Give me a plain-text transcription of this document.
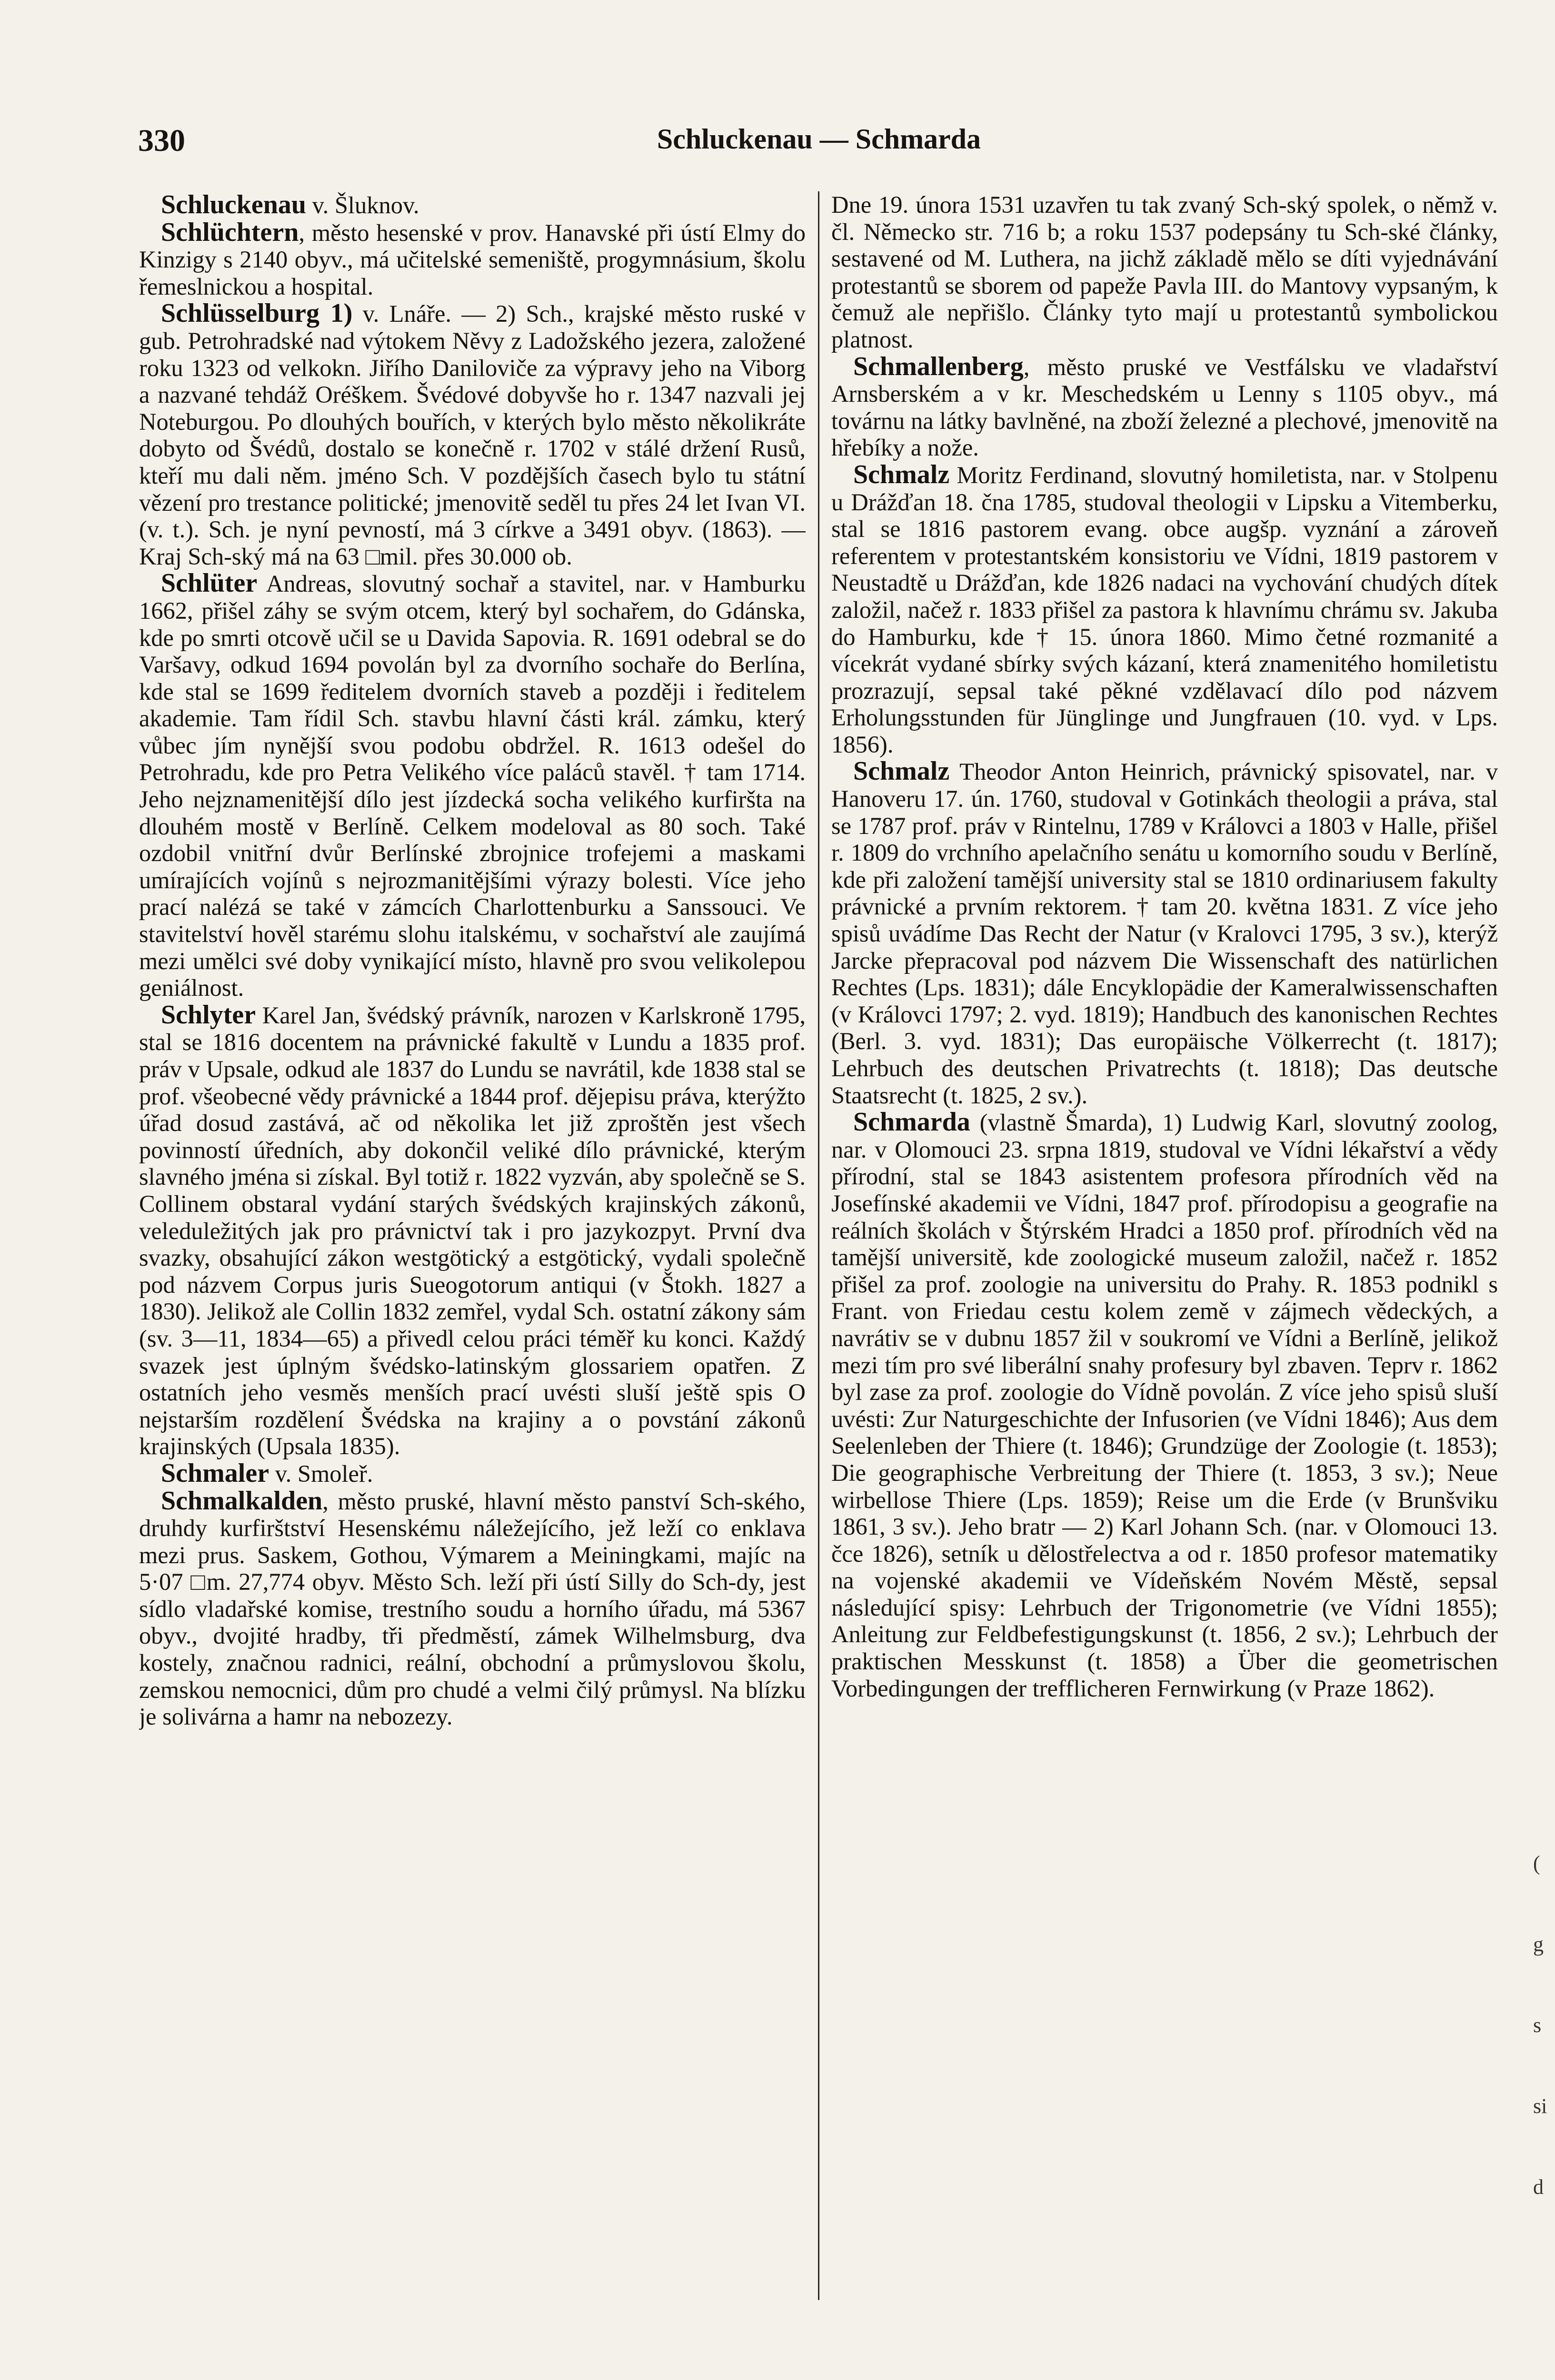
330	Schluckenau — Schmarda

Schluckenau v. Šluknov.

Schlüchtern, město hesenské v prov. Hanavské při ústí Elmy do Kinzigy s 2140 obyv., má učitelské semeniště, progymnásium, školu řemeslnickou a hospital.

Schlüsselburg 1) v. Lnáře. — 2) Sch., krajské město ruské v gub. Petrohradské nad výtokem Něvy z Ladožského jezera, založené roku 1323 od velkokn. Jiřího Daniloviče za výpravy jeho na Viborg a nazvané tehdáž Oréškem. Švédové dobyvše ho r. 1347 nazvali jej Noteburgou. Po dlouhých bouřích, v kterých bylo město několikráte dobyto od Švédů, dostalo se konečně r. 1702 v stálé držení Rusů, kteří mu dali něm. jméno Sch. V pozdějších časech bylo tu státní vězení pro trestance politické; jmenovitě seděl tu přes 24 let Ivan VI. (v. t.). Sch. je nyní pevností, má 3 církve a 3491 obyv. (1863). — Kraj Sch-ský má na 63 □mil. přes 30.000 ob.

Schlüter Andreas, slovutný sochař a stavitel, nar. v Hamburku 1662, přišel záhy se svým otcem, který byl sochařem, do Gdánska, kde po smrti otcově učil se u Davida Sapovia. R. 1691 odebral se do Varšavy, odkud 1694 povolán byl za dvorního sochaře do Berlína, kde stal se 1699 ředitelem dvorních staveb a později i ředitelem akademie. Tam řídil Sch. stavbu hlavní části král. zámku, který vůbec jím nynější svou podobu obdržel. R. 1613 odešel do Petrohradu, kde pro Petra Velikého více paláců stavěl. † tam 1714. Jeho nejznamenitější dílo jest jízdecká socha velikého kurfiršta na dlouhém mostě v Berlíně. Celkem modeloval as 80 soch. Také ozdobil vnitřní dvůr Berlínské zbrojnice trofejemi a maskami umírajících vojínů s nejrozmanitějšími výrazy bolesti. Více jeho prací nalézá se také v zámcích Charlottenburku a Sanssouci. Ve stavitelství hověl starému slohu italskému, v sochařství ale zaujímá mezi umělci své doby vynikající místo, hlavně pro svou velikolepou geniálnost.

Schlyter Karel Jan, švédský právník, narozen v Karlskroně 1795, stal se 1816 docentem na právnické fakultě v Lundu a 1835 prof. práv v Upsale, odkud ale 1837 do Lundu se navrátil, kde 1838 stal se prof. všeobecné vědy právnické a 1844 prof. dějepisu práva, kterýžto úřad dosud zastává, ač od několika let již zproštěn jest všech povinností úředních, aby dokončil veliké dílo právnické, kterým slavného jména si získal. Byl totiž r. 1822 vyzván, aby společně se S. Collinem obstaral vydání starých švédských krajinských zákonů, veleduležitých jak pro právnictví tak i pro jazykozpyt. První dva svazky, obsahující zákon westgötický a estgötický, vydali společně pod názvem Corpus juris Sueogotorum antiqui (v Štokh. 1827 a 1830). Jelikož ale Collin 1832 zemřel, vydal Sch. ostatní zákony sám (sv. 3—11, 1834—65) a přivedl celou práci téměř ku konci. Každý svazek jest úplným švédsko-latinským glossariem opatřen. Z ostatních jeho vesměs menších prací uvésti sluší ještě spis O nejstarším rozdělení Švédska na krajiny a o povstání zákonů krajinských (Upsala 1835).

Schmaler v. Smoleř.

Schmalkalden, město pruské, hlavní město panství Sch-ského, druhdy kurfirštství Hesenskému náležejícího, jež leží co enklava mezi prus. Saskem, Gothou, Výmarem a Meiningkami, majíc na 5·07 □m. 27,774 obyv. Město Sch. leží při ústí Silly do Sch-dy, jest sídlo vladařské komise, trestního soudu a horního úřadu, má 5367 obyv., dvojité hradby, tři předměstí, zámek Wilhelmsburg, dva kostely, značnou radnici, reální, obchodní a průmyslovou školu, zemskou nemocnici, dům pro chudé a velmi čilý průmysl. Na blízku je solivárna a hamr na nebozezy.

Dne 19. února 1531 uzavřen tu tak zvaný Sch-ský spolek, o němž v. čl. Německo str. 716 b; a roku 1537 podepsány tu Sch-ské články, sestavené od M. Luthera, na jichž základě mělo se díti vyjednávání protestantů se sborem od papeže Pavla III. do Mantovy vypsaným, k čemuž ale nepřišlo. Články tyto mají u protestantů symbolickou platnost.

Schmallenberg, město pruské ve Vestfálsku ve vladařství Arnsberském a v kr. Meschedském u Lenny s 1105 obyv., má továrnu na látky bavlněné, na zboží železné a plechové, jmenovitě na hřebíky a nože.

Schmalz Moritz Ferdinand, slovutný homiletista, nar. v Stolpenu u Drážďan 18. čna 1785, studoval theologii v Lipsku a Vitemberku, stal se 1816 pastorem evang. obce augšp. vyznání a zároveň referentem v protestantském konsistoriu ve Vídni, 1819 pastorem v Neustadtě u Drážďan, kde 1826 nadaci na vychování chudých dítek založil, načež r. 1833 přišel za pastora k hlavnímu chrámu sv. Jakuba do Hamburku, kde † 15. února 1860. Mimo četné rozmanité a vícekrát vydané sbírky svých kázaní, která znamenitého homiletistu prozrazují, sepsal také pěkné vzdělavací dílo pod názvem Erholungsstunden für Jünglinge und Jungfrauen (10. vyd. v Lps. 1856).

Schmalz Theodor Anton Heinrich, právnický spisovatel, nar. v Hanoveru 17. ún. 1760, studoval v Gotinkách theologii a práva, stal se 1787 prof. práv v Rintelnu, 1789 v Královci a 1803 v Halle, přišel r. 1809 do vrchního apelačního senátu u komorního soudu v Berlíně, kde při založení tamější university stal se 1810 ordinariusem fakulty právnické a prvním rektorem. † tam 20. května 1831. Z více jeho spisů uvádíme Das Recht der Natur (v Kralovci 1795, 3 sv.), kterýž Jarcke přepracoval pod názvem Die Wissenschaft des natürlichen Rechtes (Lps. 1831); dále Encyklopädie der Kameralwissenschaften (v Královci 1797; 2. vyd. 1819); Handbuch des kanonischen Rechtes (Berl. 3. vyd. 1831); Das europäische Völkerrecht (t. 1817); Lehrbuch des deutschen Privatrechts (t. 1818); Das deutsche Staatsrecht (t. 1825, 2 sv.).

Schmarda (vlastně Šmarda), 1) Ludwig Karl, slovutný zoolog, nar. v Olomouci 23. srpna 1819, studoval ve Vídni lékařství a vědy přírodní, stal se 1843 asistentem profesora přírodních věd na Josefínské akademii ve Vídni, 1847 prof. přírodopisu a geografie na reálních školách v Štýrském Hradci a 1850 prof. přírodních věd na tamější universitě, kde zoologické museum založil, načež r. 1852 přišel za prof. zoologie na universitu do Prahy. R. 1853 podnikl s Frant. von Friedau cestu kolem země v zájmech vědeckých, a navrátiv se v dubnu 1857 žil v soukromí ve Vídni a Berlíně, jelikož mezi tím pro své liberální snahy profesury byl zbaven. Teprv r. 1862 byl zase za prof. zoologie do Vídně povolán. Z více jeho spisů sluší uvésti: Zur Naturgeschichte der Infusorien (ve Vídni 1846); Aus dem Seelenleben der Thiere (t. 1846); Grundzüge der Zoologie (t. 1853); Die geographische Verbreitung der Thiere (t. 1853, 3 sv.); Neue wirbellose Thiere (Lps. 1859); Reise um die Erde (v Brunšviku 1861, 3 sv.). Jeho bratr — 2) Karl Johann Sch. (nar. v Olomouci 13. čce 1826), setník u dělostřelectva a od r. 1850 profesor matematiky na vojenské akademii ve Vídeňském Novém Městě, sepsal následující spisy: Lehrbuch der Trigonometrie (ve Vídni 1855); Anleitung zur Feldbefestigungskunst (t. 1856, 2 sv.); Lehrbuch der praktischen Messkunst (t. 1858) a Über die geometrischen Vorbedingungen der trefflicheren Fernwirkung (v Praze 1862).

(
g
s
si
d
